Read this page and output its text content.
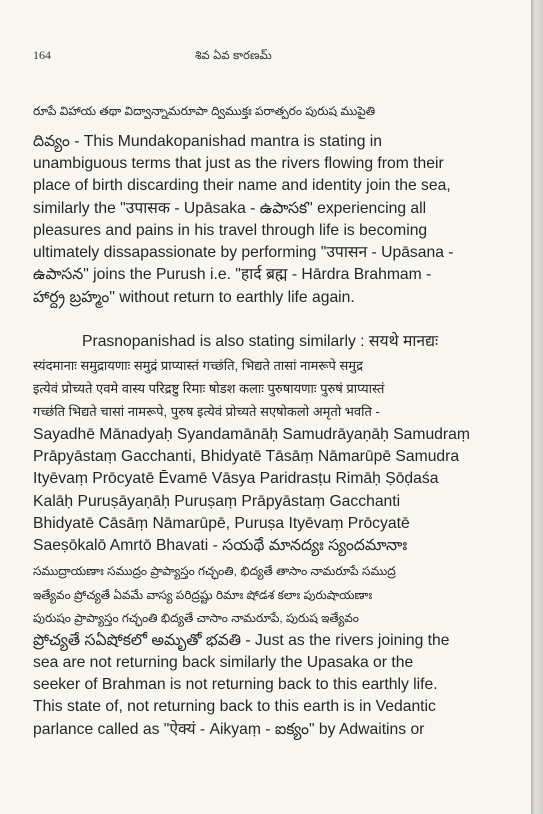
164	శివ ఏవ కారణమ్
రూపే విహాయ తథా విద్వాన్నామరూపా ద్విముక్తః పరాత్పరం పురుష ముపైతి
దివ్యం - This Mundakopanishad mantra is stating in
unambiguous terms that just as the rivers flowing from their
place of birth discarding their name and identity join the sea,
similarly the "उपासक - Upāsaka - ఉపాసక" experiencing all
pleasures and pains in his travel through life is becoming
ultimately dissapassionate by performing "उपासन - Upāsana -
ఉపాసన" joins the Purush i.e. "हार्द ब्रह्म - Hārdra Brahmam -
హార్ద్ర బ్రహ్మం" without return to earthly life again.
Prasnopanishad is also stating similarly : सयथे मानद्यः
स्यंदमानाः समुद्रायणाः समुद्रं प्राप्यास्तं गच्छंति, भिद्यते तासां नामरूपे समुद्र
इत्येवं प्रोच्यते एवमे वास्य परिद्रष्टु रिमाः षोडश कलाः पुरुषायणाः पुरुषं प्राप्यास्तं
गच्छंति भिद्यते चासां नामरूपे, पुरुष इत्येवं प्रोच्यते सएषोकलो अमृतो भवति -
Sayadhē Mānadyaḥ Syandamānāḥ Samudrāyaṇāḥ Samudraṃ
Prāpyāstaṃ Gacchanti, Bhidyatē Tāsāṃ Nāmarūpē Samudra
Ityēvaṃ Prōcyatē Ēvamē Vāsya Paridrasṭu Rimāḥ Ṣōḍaśa
Kalāḥ Puruṣāyaṇāḥ Puruṣaṃ Prāpyāstaṃ Gacchanti
Bhidyatē Cāsāṃ Nāmarūpē, Puruṣa Ityēvaṃ Prōcyatē
Saeṣōkalō Amrtō Bhavati - సయథే మానద్యః స్యందమానాః
సముద్రాయణాః సముద్రం ప్రాప్యాస్తం గచ్ఛంతి, భిద్యతే తాసాం నామరూపే సముద్ర
ఇత్యేవం ప్రోచ్యతే ఏవమే వాస్య పరిద్రష్టు రిమాః షోడశ కలాః పురుషాయణాః
పురుషం ప్రాప్యాస్తం గచ్ఛంతి భిద్యతే చాసాం నామరూపే, పురుష ఇత్యేవం
ప్రోచ్యతే సఏషోకలో అమృతో భవతి - Just as the rivers joining the
sea are not returning back similarly the Upasaka or the
seeker of Brahman is not returning back to this earthly life.
This state of, not returning back to this earth is in Vedantic
parlance called as "ऐक्यं - Aikyaṃ - ఐక్యం" by Adwaitins or
